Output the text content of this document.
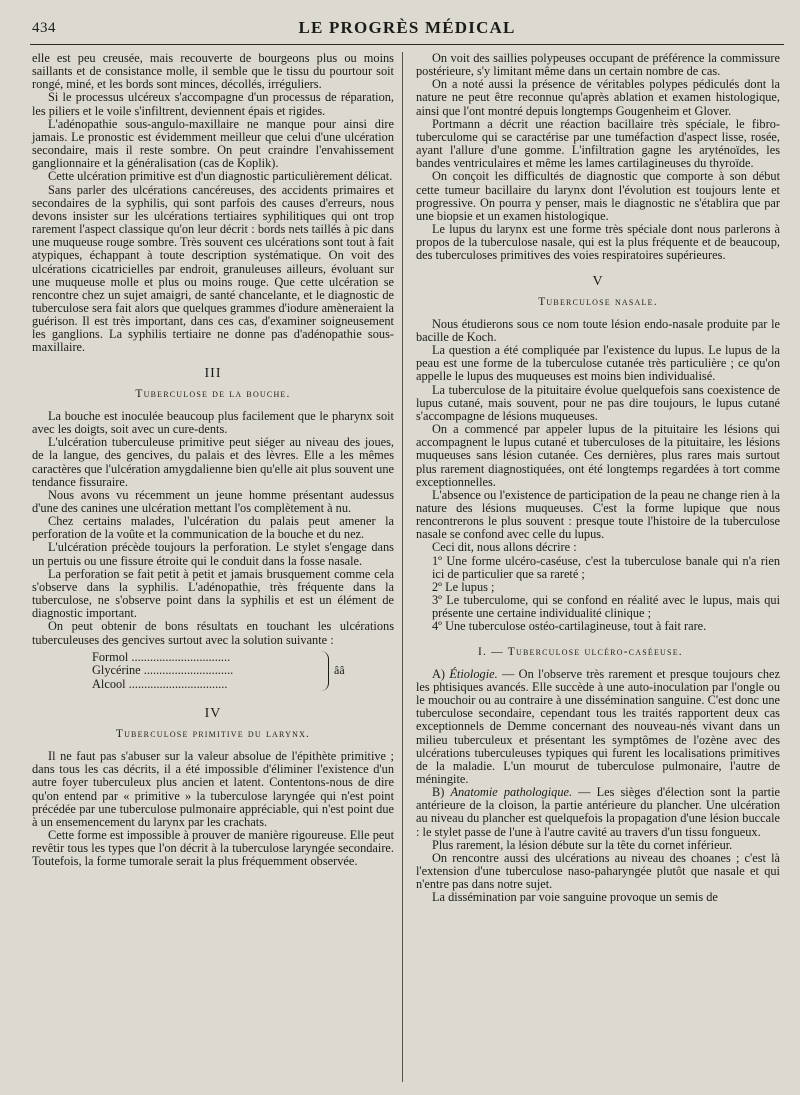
434	LE PROGRÈS MÉDICAL

elle est peu creusée, mais recouverte de bourgeons plus ou moins saillants et de consistance molle, il semble que le tissu du pourtour soit rongé, miné, et les bords sont minces, décollés, irréguliers.

Si le processus ulcéreux s'accompagne d'un processus de réparation, les piliers et le voile s'infiltrent, deviennent épais et rigides.

L'adénopathie sous-angulo-maxillaire ne manque pour ainsi dire jamais. Le pronostic est évidemment meilleur que celui d'une ulcération secondaire, mais il reste sombre. On peut craindre l'envahissement ganglionnaire et la généralisation (cas de Koplik).

Cette ulcération primitive est d'un diagnostic particulièrement délicat.

Sans parler des ulcérations cancéreuses, des accidents primaires et secondaires de la syphilis, qui sont parfois des causes d'erreurs, nous devons insister sur les ulcérations tertiaires syphilitiques qui ont trop rarement l'aspect classique qu'on leur décrit : bords nets taillés à pic dans une muqueuse rouge sombre. Très souvent ces ulcérations sont tout à fait atypiques, échappant à toute description systématique. On voit des ulcérations cicatricielles par endroit, granuleuses ailleurs, évoluant sur une muqueuse molle et plus ou moins rouge. Que cette ulcération se rencontre chez un sujet amaigri, de santé chancelante, et le diagnostic de tuberculose sera fait alors que quelques grammes d'iodure amèneraient la guérison. Il est très important, dans ces cas, d'examiner soigneusement les ganglions. La syphilis tertiaire ne donne pas d'adénopathie sous-maxillaire.

III
Tuberculose de la bouche.

La bouche est inoculée beaucoup plus facilement que le pharynx soit avec les doigts, soit avec un cure-dents.

L'ulcération tuberculeuse primitive peut siéger au niveau des joues, de la langue, des gencives, du palais et des lèvres. Elle a les mêmes caractères que l'ulcération amygdalienne bien qu'elle ait plus souvent une tendance fissuraire.

Nous avons vu récemment un jeune homme présentant audessus d'une des canines une ulcération mettant l'os complètement à nu.

Chez certains malades, l'ulcération du palais peut amener la perforation de la voûte et la communication de la bouche et du nez.

L'ulcération précède toujours la perforation. Le stylet s'engage dans un pertuis ou une fissure étroite qui le conduit dans la fosse nasale.

La perforation se fait petit à petit et jamais brusquement comme cela s'observe dans la syphilis. L'adénopathie, très fréquente dans la tuberculose, ne s'observe point dans la syphilis et est un élément de diagnostic important.

On peut obtenir de bons résultats en touchant les ulcérations tuberculeuses des gencives surtout avec la solution suivante :

Formol ................................
Glycérine .............................
Alcool ................................
ââ
IV
Tuberculose primitive du larynx.

Il ne faut pas s'abuser sur la valeur absolue de l'épithète primitive ; dans tous les cas décrits, il a été impossible d'éliminer l'existence d'un autre foyer tuberculeux plus ancien et latent. Contentons-nous de dire qu'on entend par « primitive » la tuberculose laryngée qui n'est point précédée par une tuberculose pulmonaire appréciable, qui n'est point due à un ensemencement du larynx par les crachats.

Cette forme est impossible à prouver de manière rigoureuse. Elle peut revêtir tous les types que l'on décrit à la tuberculose laryngée secondaire. Toutefois, la forme tumorale serait la plus fréquemment observée.

On voit des saillies polypeuses occupant de préférence la commissure postérieure, s'y limitant même dans un certain nombre de cas.

On a noté aussi la présence de véritables polypes pédiculés dont la nature ne peut être reconnue qu'après ablation et examen histologique, ainsi que l'ont montré depuis longtemps Gougenheim et Glover.

Portmann a décrit une réaction bacillaire très spéciale, le fibro-tuberculome qui se caractérise par une tuméfaction d'aspect lisse, rosée, ayant l'allure d'une gomme. L'infiltration gagne les aryténoïdes, les bandes ventriculaires et même les lames cartilagineuses du thyroïde.

On conçoit les difficultés de diagnostic que comporte à son début cette tumeur bacillaire du larynx dont l'évolution est toujours lente et progressive. On pourra y penser, mais le diagnostic ne s'établira que par une biopsie et un examen histologique.

Le lupus du larynx est une forme très spéciale dont nous parlerons à propos de la tuberculose nasale, qui est la plus fréquente et de beaucoup, des tuberculoses primitives des voies respiratoires supérieures.

V
Tuberculose nasale.

Nous étudierons sous ce nom toute lésion endo-nasale produite par le bacille de Koch.

La question a été compliquée par l'existence du lupus. Le lupus de la peau est une forme de la tuberculose cutanée très particulière ; ce qu'on appelle le lupus des muqueuses est moins bien individualisé.

La tuberculose de la pituitaire évolue quelquefois sans coexistence de lupus cutané, mais souvent, pour ne pas dire toujours, le lupus cutané s'accompagne de lésions muqueuses.

On a commencé par appeler lupus de la pituitaire les lésions qui accompagnent le lupus cutané et tuberculoses de la pituitaire, les lésions muqueuses sans lésion cutanée. Ces dernières, plus rares mais surtout plus rarement diagnostiquées, ont été longtemps regardées à tort comme exceptionnelles.

L'absence ou l'existence de participation de la peau ne change rien à la nature des lésions muqueuses. C'est la forme lupique que nous rencontrerons le plus souvent : presque toute l'histoire de la tuberculose nasale se confond avec celle du lupus.

Ceci dit, nous allons décrire :

1º Une forme ulcéro-caséuse, c'est la tuberculose banale qui n'a rien ici de particulier que sa rareté ;

2º Le lupus ;

3º Le tuberculome, qui se confond en réalité avec le lupus, mais qui présente une certaine individualité clinique ;

4º Une tuberculose ostéo-cartilagineuse, tout à fait rare.

I. — Tuberculose ulcéro-caséeuse.

A) Étiologie. — On l'observe très rarement et presque toujours chez les phtisiques avancés. Elle succède à une auto-inoculation par l'ongle ou le mouchoir ou au contraire à une dissémination sanguine. C'est donc une tuberculose secondaire, cependant tous les traités rapportent deux cas exceptionnels de Demme concernant des nouveau-nés vivant dans un milieu tuberculeux et présentant les symptômes de l'ozène avec des ulcérations tuberculeuses typiques qui furent les localisations primitives de la maladie. L'un mourut de tuberculose pulmonaire, l'autre de méningite.

B) Anatomie pathologique. — Les sièges d'élection sont la partie antérieure de la cloison, la partie antérieure du plancher. Une ulcération au niveau du plancher est quelquefois la propagation d'une lésion buccale : le stylet passe de l'une à l'autre cavité au travers d'un tissu fongueux.

Plus rarement, la lésion débute sur la tête du cornet inférieur.

On rencontre aussi des ulcérations au niveau des choanes ; c'est là l'extension d'une tuberculose naso-paharyngée plutôt que nasale et qui n'entre pas dans notre sujet.

La dissémination par voie sanguine provoque un semis de
